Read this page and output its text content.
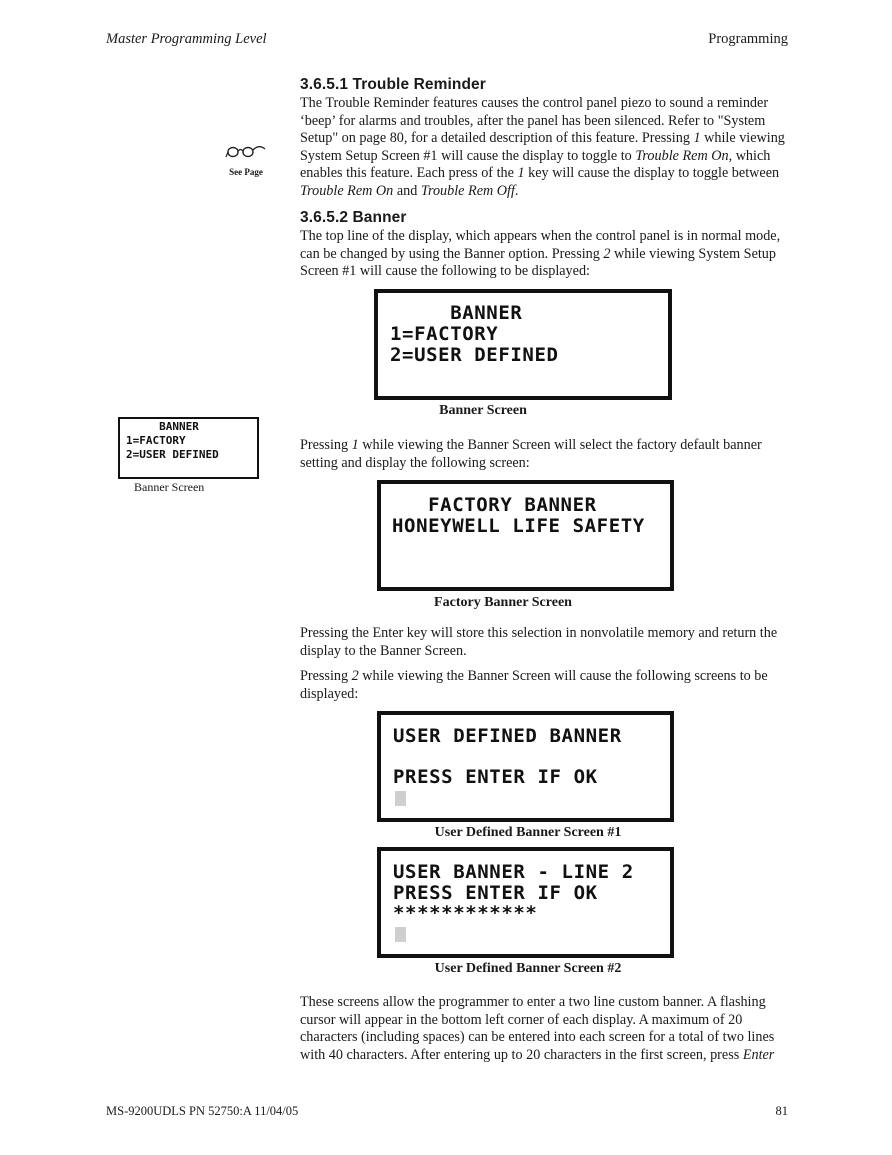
Master Programming Level	Programming
See Page
3.6.5.1 Trouble Reminder
The Trouble Reminder features causes the control panel piezo to sound a reminder ‘beep’ for alarms and troubles, after the panel has been silenced. Refer to "System Setup" on page 80, for a detailed description of this feature. Pressing 1 while viewing System Setup Screen #1 will cause the display to toggle to Trouble Rem On, which enables this feature. Each press of the 1 key will cause the display to toggle between Trouble Rem On and Trouble Rem Off.
3.6.5.2 Banner
The top line of the display, which appears when the control panel is in normal mode, can be changed by using the Banner option. Pressing 2 while viewing System Setup Screen #1 will cause the following to be displayed:
BANNER
1=FACTORY
2=USER DEFINED
Banner Screen
BANNER
1=FACTORY
2=USER DEFINED
Banner Screen
Pressing 1 while viewing the Banner Screen will select the factory default banner setting and display the following screen:
FACTORY BANNER
HONEYWELL LIFE SAFETY
Factory Banner Screen
Pressing the Enter key will store this selection in nonvolatile memory and return the display to the Banner Screen.
Pressing 2 while viewing the Banner Screen will cause the following screens to be displayed:
USER DEFINED BANNER
PRESS ENTER IF OK
User Defined Banner Screen #1
USER BANNER - LINE 2
PRESS ENTER IF OK
************
User Defined Banner Screen #2
These screens allow the programmer to enter a two line custom banner. A flashing cursor will appear in the bottom left corner of each display. A maximum of 20 characters (including spaces) can be entered into each screen for a total of two lines with 40 characters. After entering up to 20 characters in the first screen, press Enter
MS-9200UDLS PN 52750:A 11/04/05	81
